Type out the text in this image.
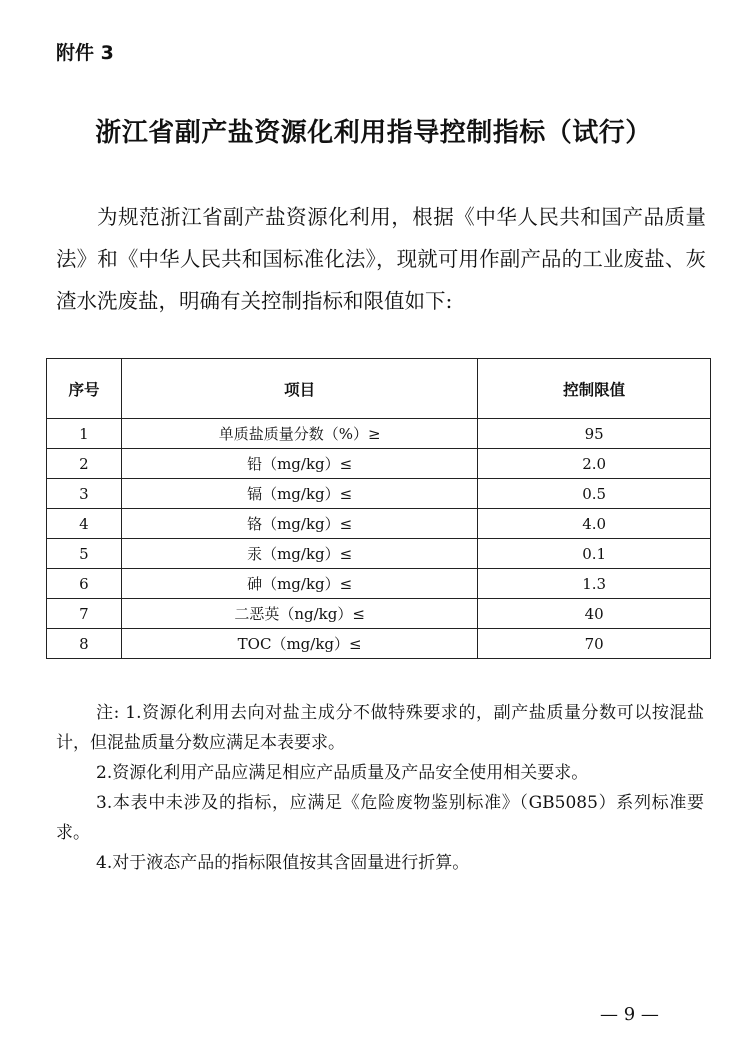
附件 3
浙江省副产盐资源化利用指导控制指标（试行）

为规范浙江省副产盐资源化利用，根据《中华人民共和国产品质量法》和《中华人民共和国标准化法》，现就可用作副产品的工业废盐、灰渣水洗废盐，明确有关控制指标和限值如下:

序号	项目	控制限值
1	单质盐质量分数（%）≥	95
2	铅（mg/kg）≤	2.0
3	镉（mg/kg）≤	0.5
4	铬（mg/kg）≤	4.0
5	汞（mg/kg）≤	0.1
6	砷（mg/kg）≤	1.3
7	二恶英（ng/kg）≤	40
8	TOC（mg/kg）≤	70

注: 1.资源化利用去向对盐主成分不做特殊要求的，副产盐质量分数可以按混盐计，但混盐质量分数应满足本表要求。

2.资源化利用产品应满足相应产品质量及产品安全使用相关要求。

3.本表中未涉及的指标，应满足《危险废物鉴别标准》（GB5085）系列标准要求。

4.对于液态产品的指标限值按其含固量进行折算。

— 9 —
